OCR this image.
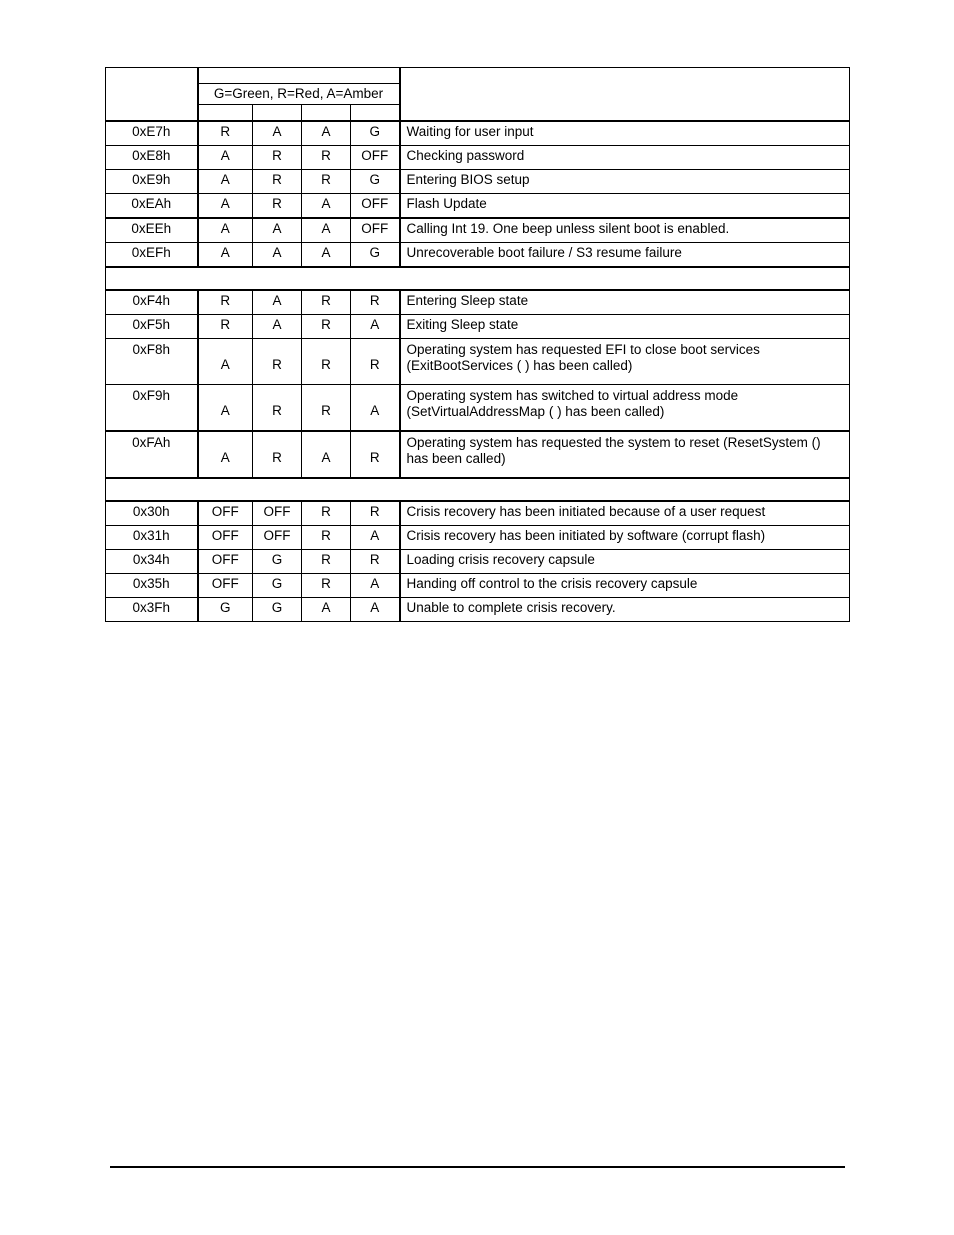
	G=Green, R=Red, A=Amber				

0xE7h	R	A	A	G	Waiting for user input

0xE8h	A	R	R	OFF	Checking password

0xE9h	A	R	R	G	Entering BIOS setup

0xEAh	A	R	A	OFF	Flash Update

0xEEh	A	A	A	OFF	Calling Int 19. One beep unless silent boot is enabled.

0xEFh	A	A	A	G	Unrecoverable boot failure / S3 resume failure

0xF4h	R	A	R	R	Entering Sleep state

0xF5h	R	A	R	A	Exiting Sleep state

0xF8h	A	R	R	R	Operating system has requested EFI to close boot services
(ExitBootServices ( ) has been called)

0xF9h	A	R	R	A	Operating system has switched to virtual address mode
(SetVirtualAddressMap ( ) has been called)

0xFAh	A	R	A	R	Operating system has requested the system to reset (ResetSystem ()
has been called)

0x30h	OFF	OFF	R	R	Crisis recovery has been initiated because of a user request

0x31h	OFF	OFF	R	A	Crisis recovery has been initiated by software (corrupt flash)

0x34h	OFF	G	R	R	Loading crisis recovery capsule

0x35h	OFF	G	R	A	Handing off control to the crisis recovery capsule

0x3Fh	G	G	A	A	Unable to complete crisis recovery.
